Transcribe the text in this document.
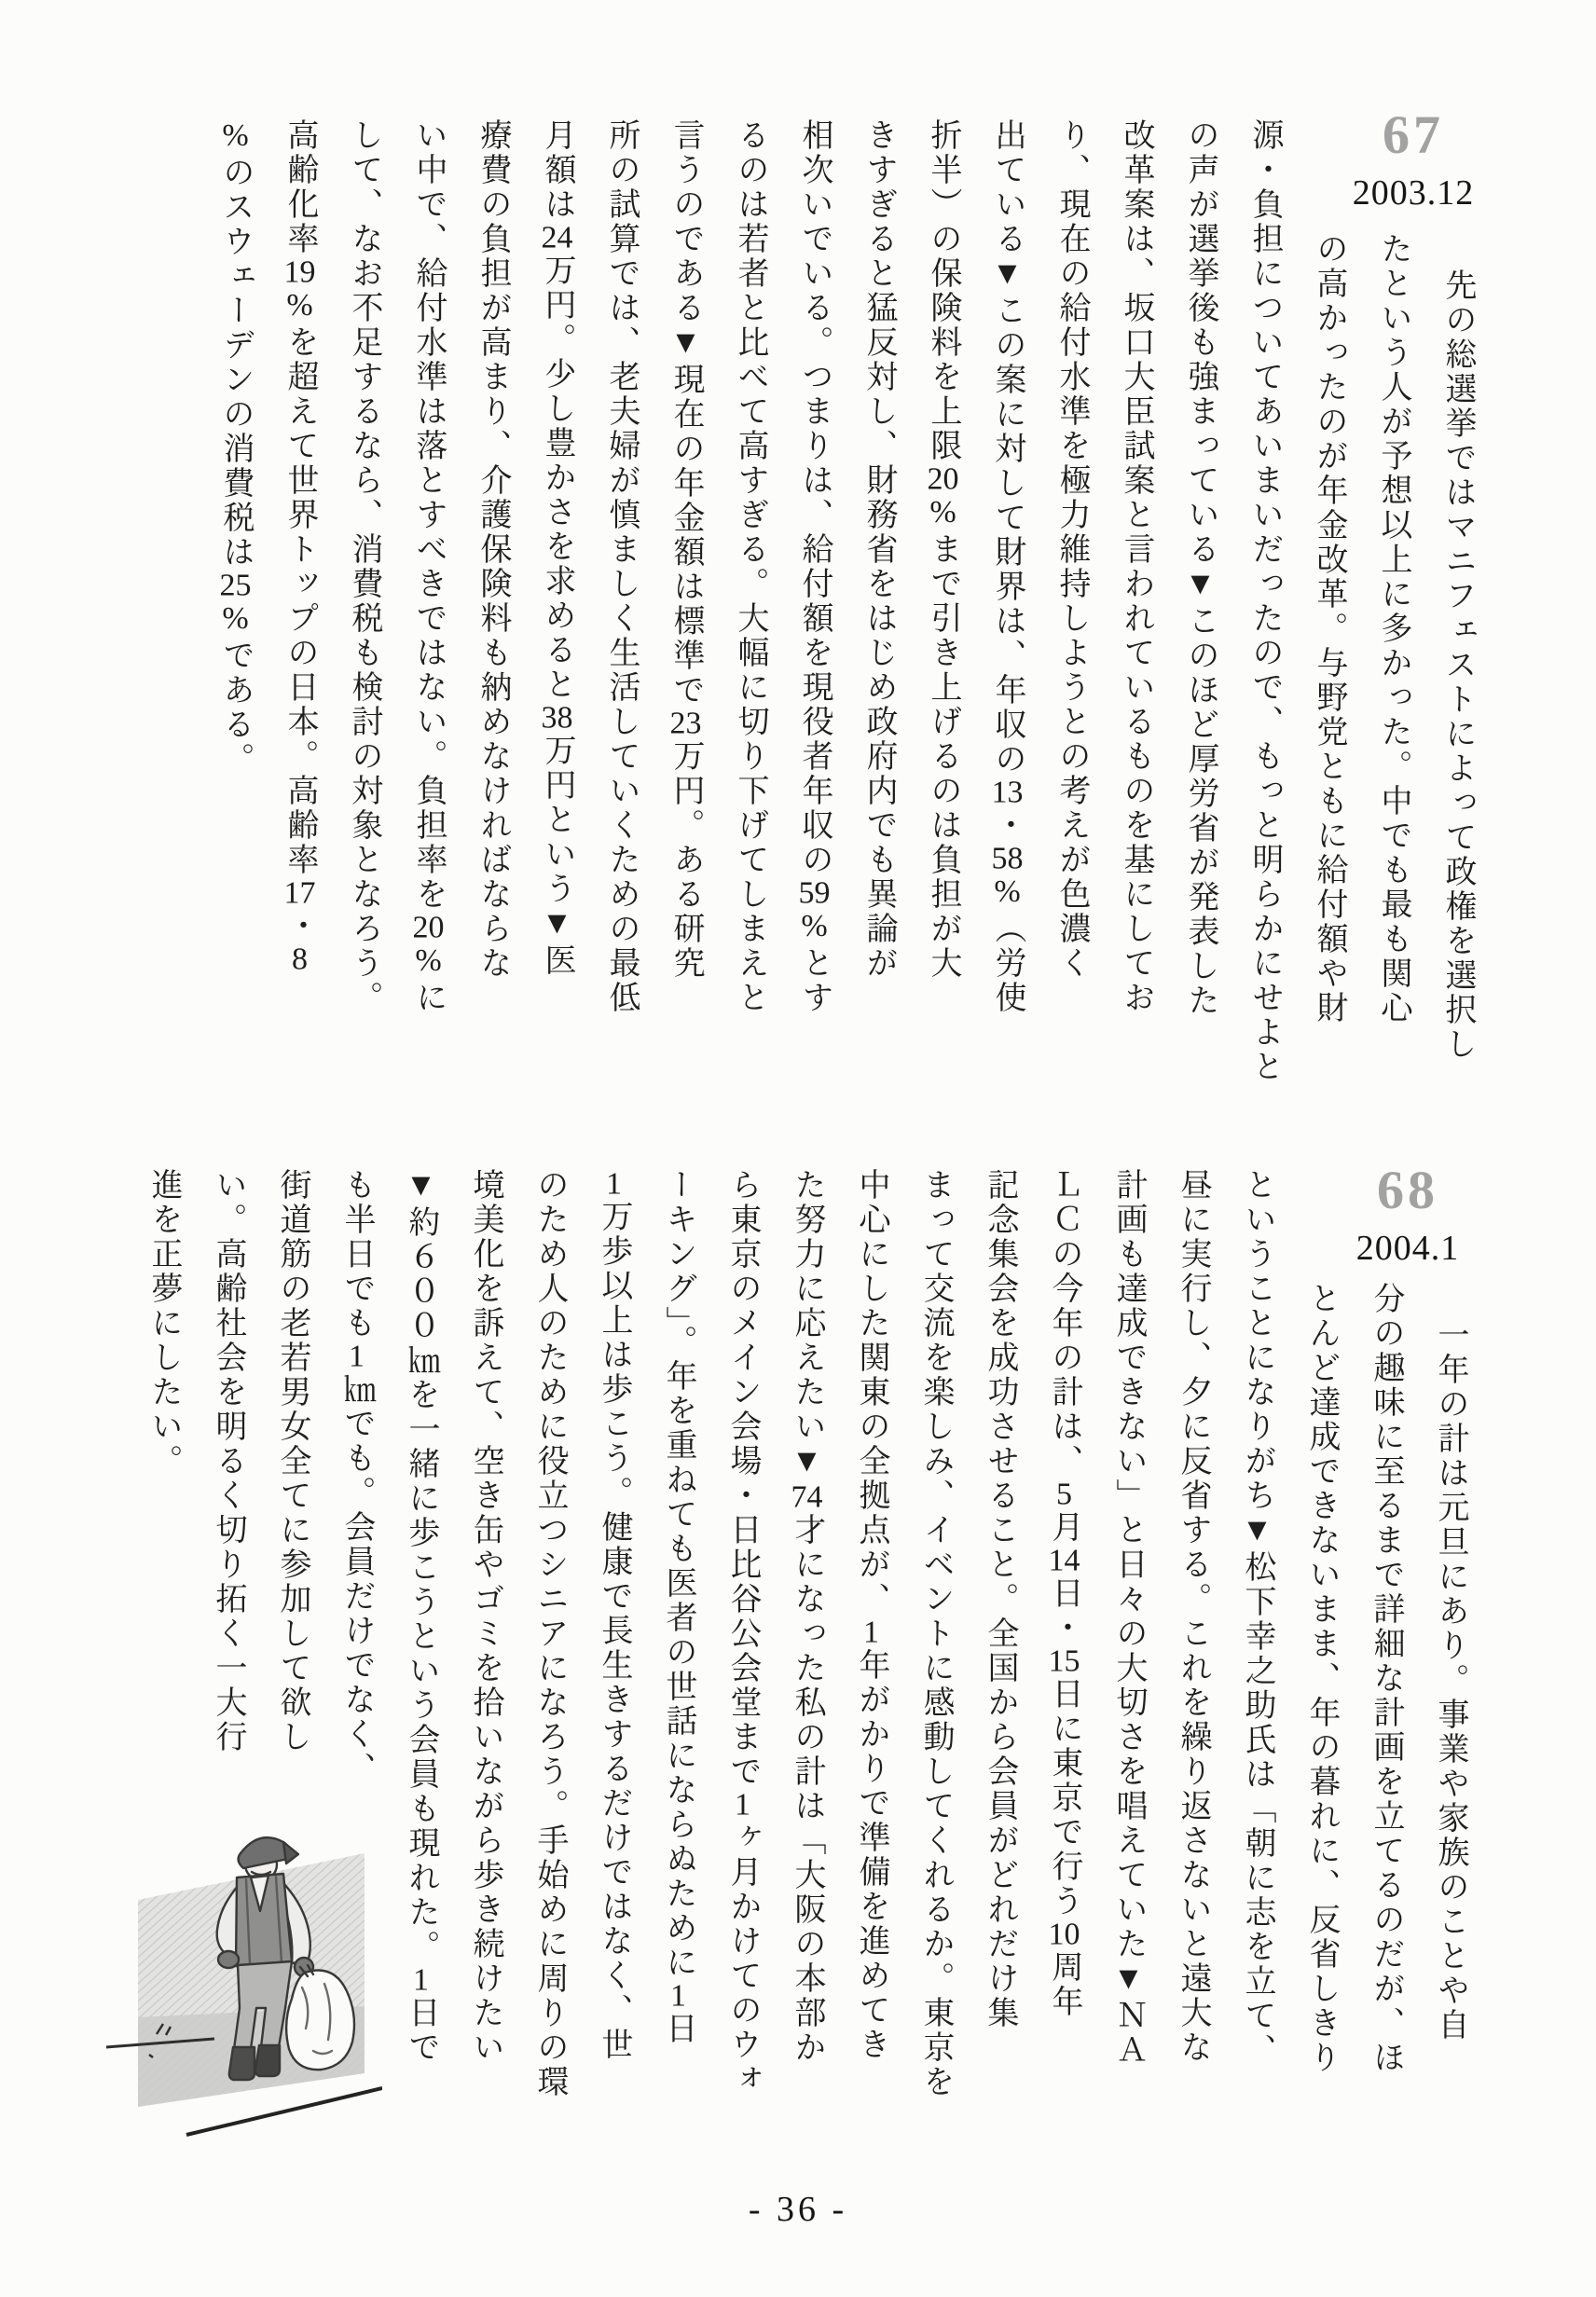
67
2003.12
先の総選挙ではマニフェストによって政権を選択し
たという人が予想以上に多かった。中でも最も関心
の高かったのが年金改革。与野党ともに給付額や財
源・負担についてあいまいだったので、もっと明らかにせよと
の声が選挙後も強まっている▼このほど厚労省が発表した
改革案は、坂口大臣試案と言われているものを基にしてお
り、現在の給付水準を極力維持しようとの考えが色濃く
出ている▼この案に対して財界は、年収の13・58%（労使
折半）の保険料を上限20%まで引き上げるのは負担が大
きすぎると猛反対し、財務省をはじめ政府内でも異論が
相次いでいる。つまりは、給付額を現役者年収の59%とす
るのは若者と比べて高すぎる。大幅に切り下げてしまえと
言うのである▼現在の年金額は標準で23万円。ある研究
所の試算では、老夫婦が慎ましく生活していくための最低
月額は24万円。少し豊かさを求めると38万円という▼医
療費の負担が高まり、介護保険料も納めなければならな
い中で、給付水準は落とすべきではない。負担率を20%に
して、なお不足するなら、消費税も検討の対象となろう。
高齢化率19%を超えて世界トップの日本。高齢率17・8
%のスウェーデンの消費税は25%である。
68
2004.1
一年の計は元旦にあり。事業や家族のことや自
分の趣味に至るまで詳細な計画を立てるのだが、ほ
とんど達成できないまま、年の暮れに、反省しきり
ということになりがち▼松下幸之助氏は「朝に志を立て、
昼に実行し、夕に反省する。これを繰り返さないと遠大な
計画も達成できない」と日々の大切さを唱えていた▼ＮＡ
ＬＣの今年の計は、5月14日・15日に東京で行う10周年
記念集会を成功させること。全国から会員がどれだけ集
まって交流を楽しみ、イベントに感動してくれるか。東京を
中心にした関東の全拠点が、1年がかりで準備を進めてき
た努力に応えたい▼74才になった私の計は「大阪の本部か
ら東京のメイン会場・日比谷公会堂まで1ヶ月かけてのウォ
ーキング」。年を重ねても医者の世話にならぬために1日
1万歩以上は歩こう。健康で長生きするだけではなく、世
のため人のために役立つシニアになろう。手始めに周りの環
境美化を訴えて、空き缶やゴミを拾いながら歩き続けたい
▼約６００㎞を一緒に歩こうという会員も現れた。1日で
も半日でも1㎞でも。会員だけでなく、
街道筋の老若男女全てに参加して欲し
い。高齢社会を明るく切り拓く一大行
進を正夢にしたい。
- 36 -
